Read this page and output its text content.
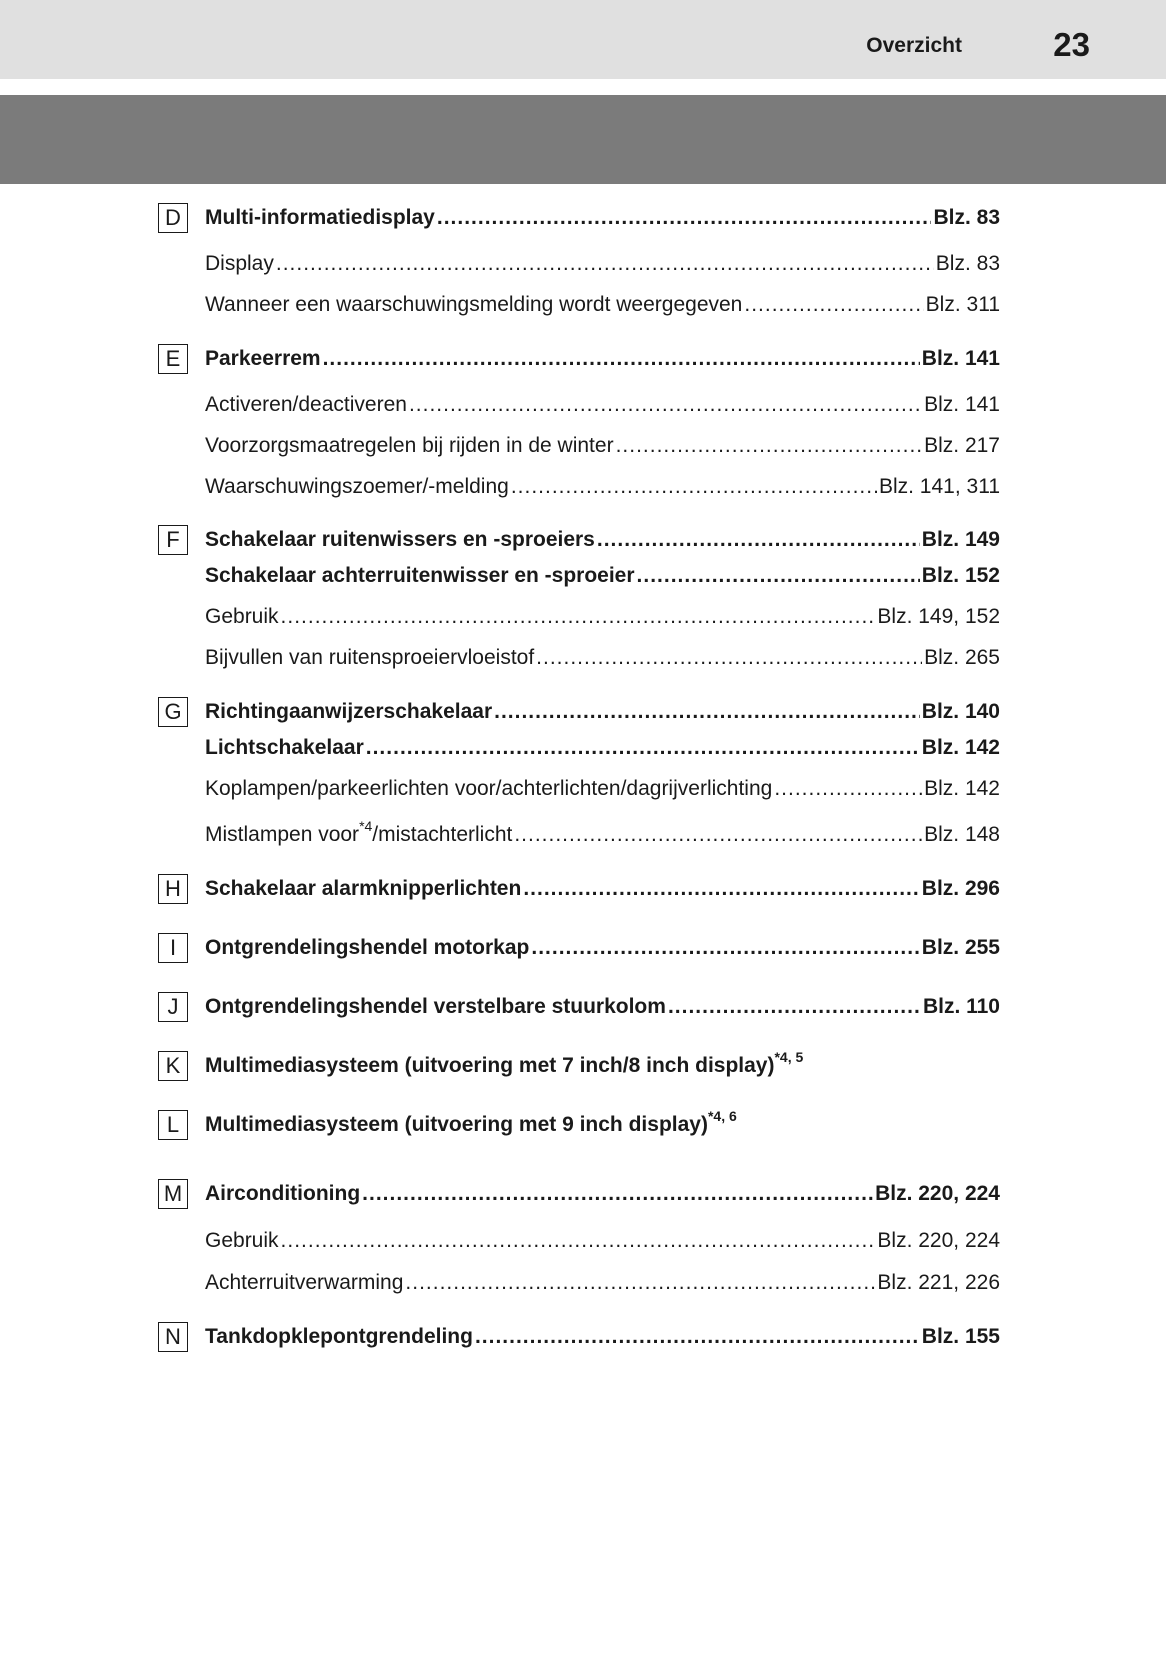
Overzicht	23
D	Multi-informatiedisplay .....	Blz. 83
Display .....	Blz. 83
Wanneer een waarschuwingsmelding wordt weergegeven .....	Blz. 311
E	Parkeerrem .....	Blz. 141
Activeren/deactiveren .....	Blz. 141
Voorzorgsmaatregelen bij rijden in de winter .....	Blz. 217
Waarschuwingszoemer/-melding .....	Blz. 141, 311
F	Schakelaar ruitenwissers en -sproeiers .....	Blz. 149
Schakelaar achterruitenwisser en -sproeier .....	Blz. 152
Gebruik .....	Blz. 149, 152
Bijvullen van ruitensproeiervloeistof .....	Blz. 265
G	Richtingaanwijzerschakelaar .....	Blz. 140
Lichtschakelaar .....	Blz. 142
Koplampen/parkeerlichten voor/achterlichten/dagrijverlichting .....	Blz. 142
Mistlampen voor$^{*4}$/mistachterlicht .....	Blz. 148
H	Schakelaar alarmknipperlichten .....	Blz. 296
I	Ontgrendelingshendel motorkap .....	Blz. 255
J	Ontgrendelingshendel verstelbare stuurkolom .....	Blz. 110
K	Multimediasysteem (uitvoering met 7 inch/8 inch display)$^{*4, 5}$
L	Multimediasysteem (uitvoering met 9 inch display)$^{*4, 6}$
M Airconditioning .....	Blz. 220, 224
Gebruik .....	Blz. 220, 224
Achterruitverwarming .....	Blz. 221, 226
N	Tankdopklepontgrendeling .....	Blz. 155
